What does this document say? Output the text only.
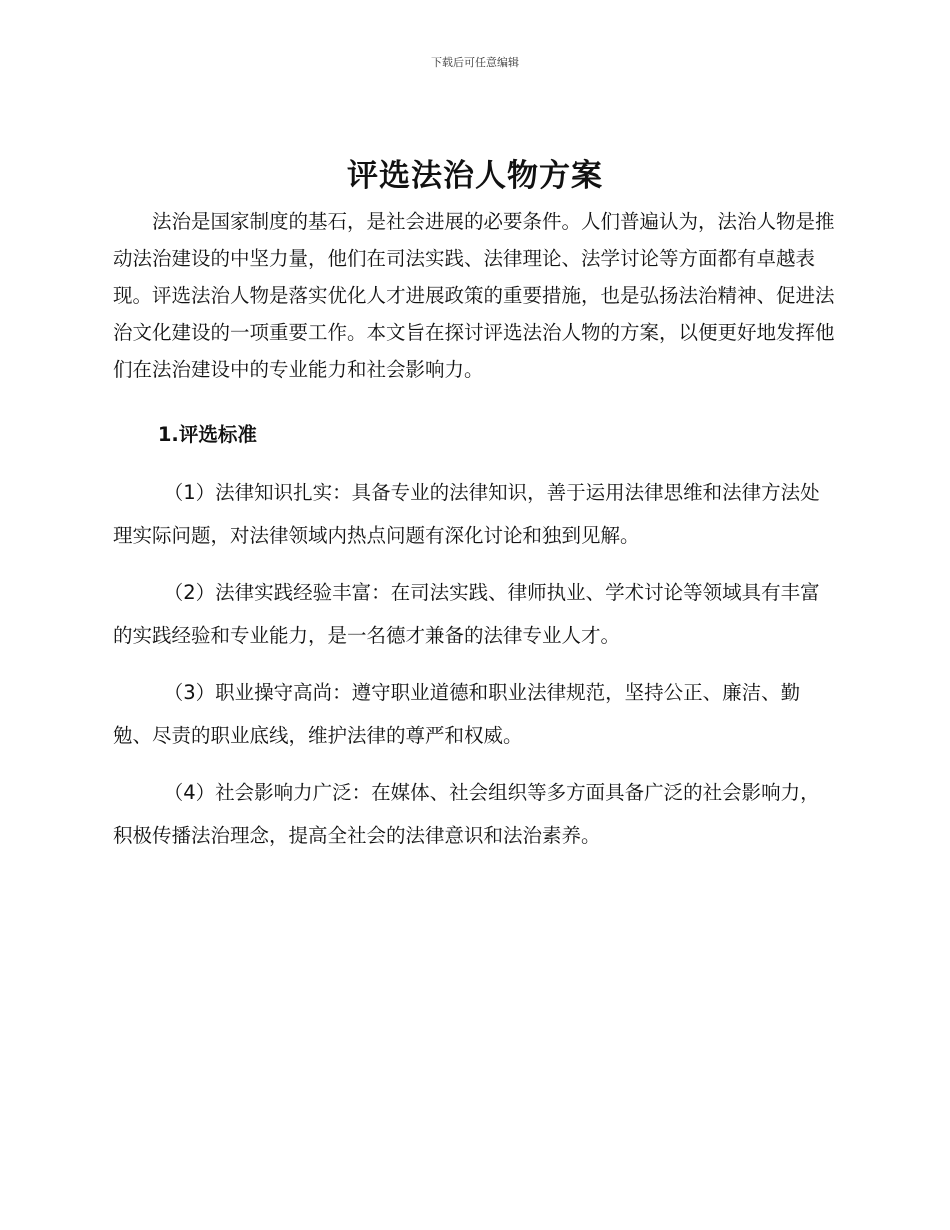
下载后可任意编辑
评选法治人物方案

法治是国家制度的基石，是社会进展的必要条件。人们普遍认为，法治人物是推动法治建设的中坚力量，他们在司法实践、法律理论、法学讨论等方面都有卓越表现。评选法治人物是落实优化人才进展政策的重要措施，也是弘扬法治精神、促进法治文化建设的一项重要工作。本文旨在探讨评选法治人物的方案，以便更好地发挥他们在法治建设中的专业能力和社会影响力。

1.评选标准

（1）法律知识扎实：具备专业的法律知识，善于运用法律思维和法律方法处理实际问题，对法律领域内热点问题有深化讨论和独到见解。

（2）法律实践经验丰富：在司法实践、律师执业、学术讨论等领域具有丰富的实践经验和专业能力，是一名德才兼备的法律专业人才。

（3）职业操守高尚：遵守职业道德和职业法律规范，坚持公正、廉洁、勤勉、尽责的职业底线，维护法律的尊严和权威。

（4）社会影响力广泛：在媒体、社会组织等多方面具备广泛的社会影响力，积极传播法治理念，提高全社会的法律意识和法治素养。
